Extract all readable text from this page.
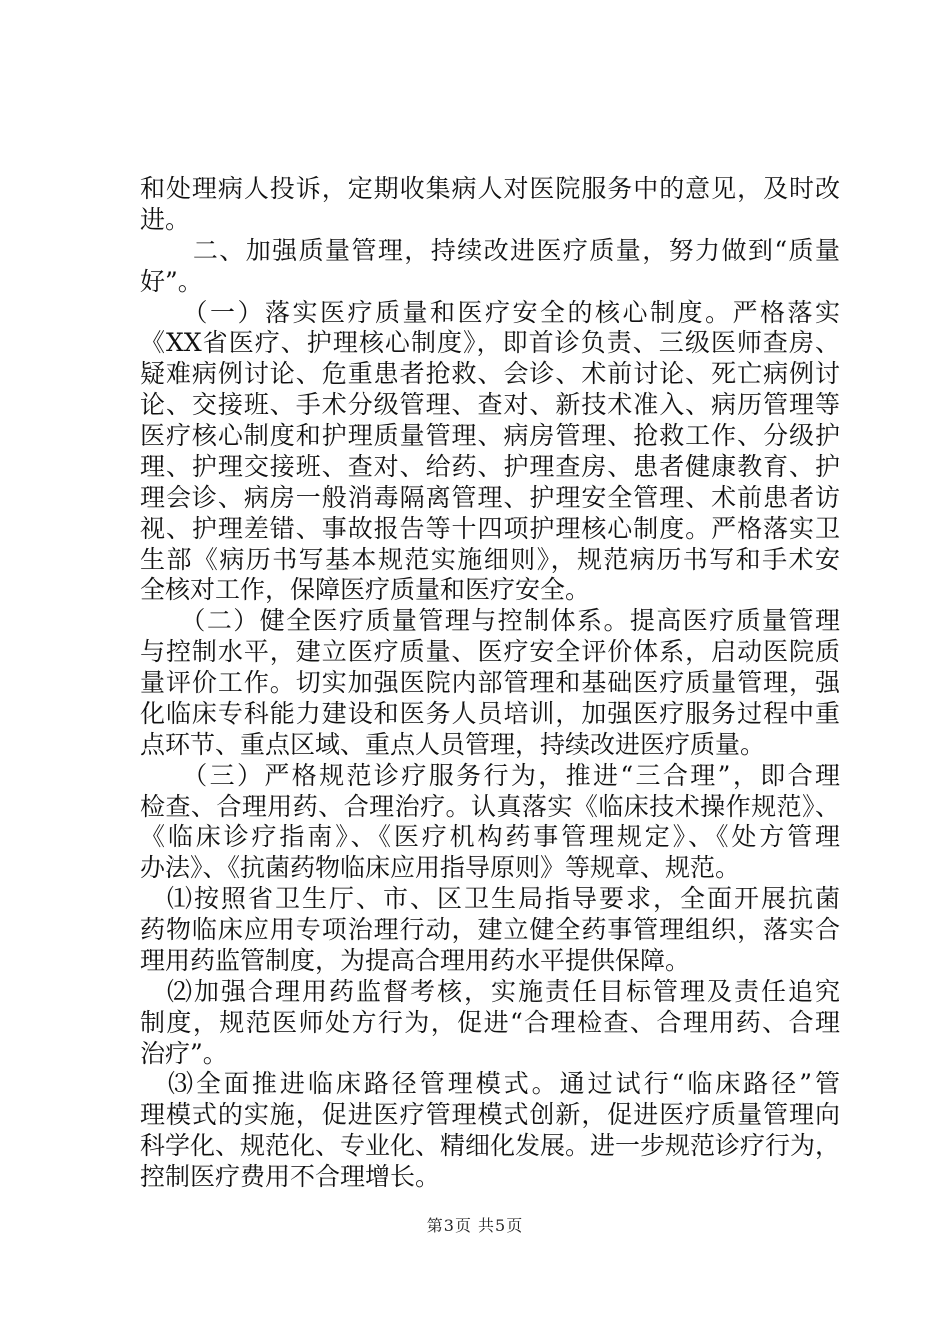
和处理病人投诉，定期收集病人对医院服务中的意见，及时改
进。
　　二、加强质量管理，持续改进医疗质量，努力做到“质量
好”。
　　（一）落实医疗质量和医疗安全的核心制度。严格落实
《XX省医疗、护理核心制度》，即首诊负责、三级医师查房、
疑难病例讨论、危重患者抢救、会诊、术前讨论、死亡病例讨
论、交接班、手术分级管理、查对、新技术准入、病历管理等
医疗核心制度和护理质量管理、病房管理、抢救工作、分级护
理、护理交接班、查对、给药、护理查房、患者健康教育、护
理会诊、病房一般消毒隔离管理、护理安全管理、术前患者访
视、护理差错、事故报告等十四项护理核心制度。严格落实卫
生部《病历书写基本规范实施细则》，规范病历书写和手术安
全核对工作，保障医疗质量和医疗安全。
　　（二）健全医疗质量管理与控制体系。提高医疗质量管理
与控制水平，建立医疗质量、医疗安全评价体系，启动医院质
量评价工作。切实加强医院内部管理和基础医疗质量管理，强
化临床专科能力建设和医务人员培训，加强医疗服务过程中重
点环节、重点区域、重点人员管理，持续改进医疗质量。
　　（三）严格规范诊疗服务行为，推进“三合理”，即合理
检查、合理用药、合理治疗。认真落实《临床技术操作规范》、
《临床诊疗指南》、《医疗机构药事管理规定》、《处方管理
办法》、《抗菌药物临床应用指导原则》等规章、规范。
　⑴按照省卫生厅、市、区卫生局指导要求，全面开展抗菌
药物临床应用专项治理行动，建立健全药事管理组织，落实合
理用药监管制度，为提高合理用药水平提供保障。
　⑵加强合理用药监督考核，实施责任目标管理及责任追究
制度，规范医师处方行为，促进“合理检查、合理用药、合理
治疗”。
　⑶全面推进临床路径管理模式。通过试行“临床路径”管
理模式的实施，促进医疗管理模式创新，促进医疗质量管理向
科学化、规范化、专业化、精细化发展。进一步规范诊疗行为，
控制医疗费用不合理增长。
第3页 共5页
